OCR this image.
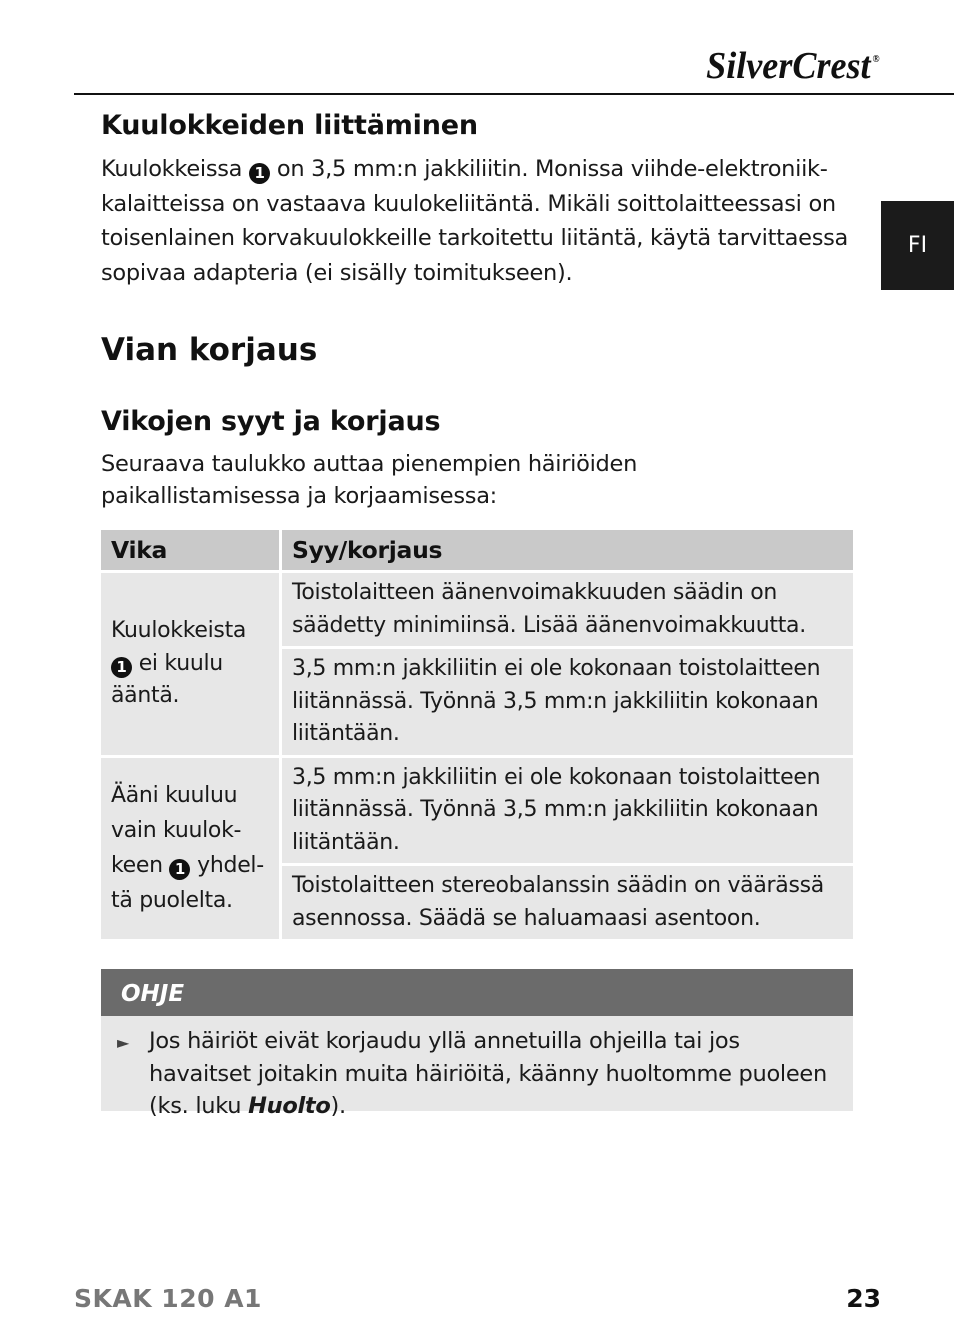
SilverCrest ®
FI
Kuulokkeiden liittäminen

Kuulokkeissa 1 on 3,5 mm:n jakkiliitin. Monissa viihde-elektroniikkalaitteissa on vastaava kuulokeliitäntä. Mikäli soittolaitteessasi on toisenlainen korvakuulokkeille tarkoitettu liitäntä, käytä tarvittaessa sopivaa adapteria (ei sisälly toimitukseen).

Vian korjaus
Vikojen syyt ja korjaus

Seuraava taulukko auttaa pienempien häiriöiden paikallistamisessa ja korjaamisessa:

Vika	Syy/korjaus
Kuulokkeista
1 ei kuulu ääntä.	Toistolaitteen äänenvoimakkuuden säädin on säädetty minimiinsä. Lisää äänenvoimakkuutta.
	3,5 mm:n jakkiliitin ei ole kokonaan toistolaitteen liitännässä. Työnnä 3,5 mm:n jakkiliitin kokonaan liitäntään.
Ääni kuuluu vain kuulokkeen 1 yhdeltä puolelta.	3,5 mm:n jakkiliitin ei ole kokonaan toistolaitteen liitännässä. Työnnä 3,5 mm:n jakkiliitin kokonaan liitäntään.
	Toistolaitteen stereobalanssin säädin on väärässä asennossa. Säädä se haluamaasi asentoon.
OHJE
► Jos häiriöt eivät korjaudu yllä annetuilla ohjeilla tai jos havaitset joitakin muita häiriöitä, käänny huoltomme puoleen (ks. luku Huolto).
SKAK 120 A1	23
